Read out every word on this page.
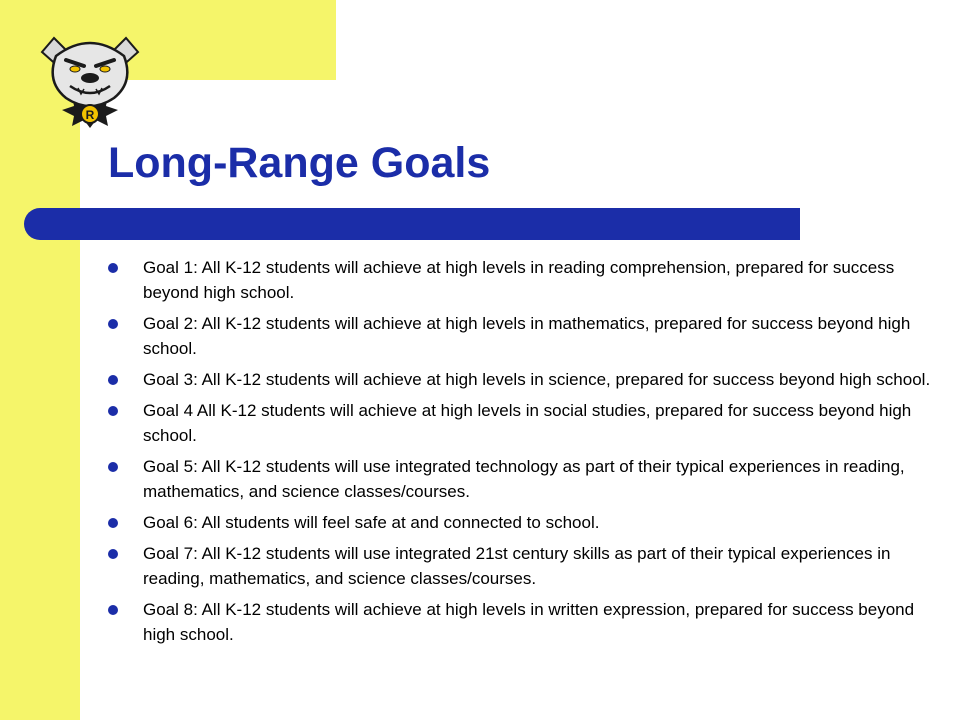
R
Long-Range Goals
Goal 1: All K-12 students will achieve at high levels in reading comprehension, prepared for success beyond high school.
Goal 2: All K-12 students will achieve at high levels in mathematics, prepared for success beyond high school.
Goal 3: All K-12 students will achieve at high levels in science, prepared for success beyond high school.
Goal 4 All K-12 students will achieve at high levels in social studies, prepared for success beyond high school.
Goal 5: All K-12 students will use integrated technology as part of their typical experiences in reading, mathematics, and science classes/courses.
Goal 6: All students will feel safe at and connected to school.
Goal 7: All K-12 students will use integrated 21st century skills as part of their typical experiences in reading, mathematics, and science classes/courses.
Goal 8: All K-12 students will achieve at high levels in written expression, prepared for success beyond high school.
